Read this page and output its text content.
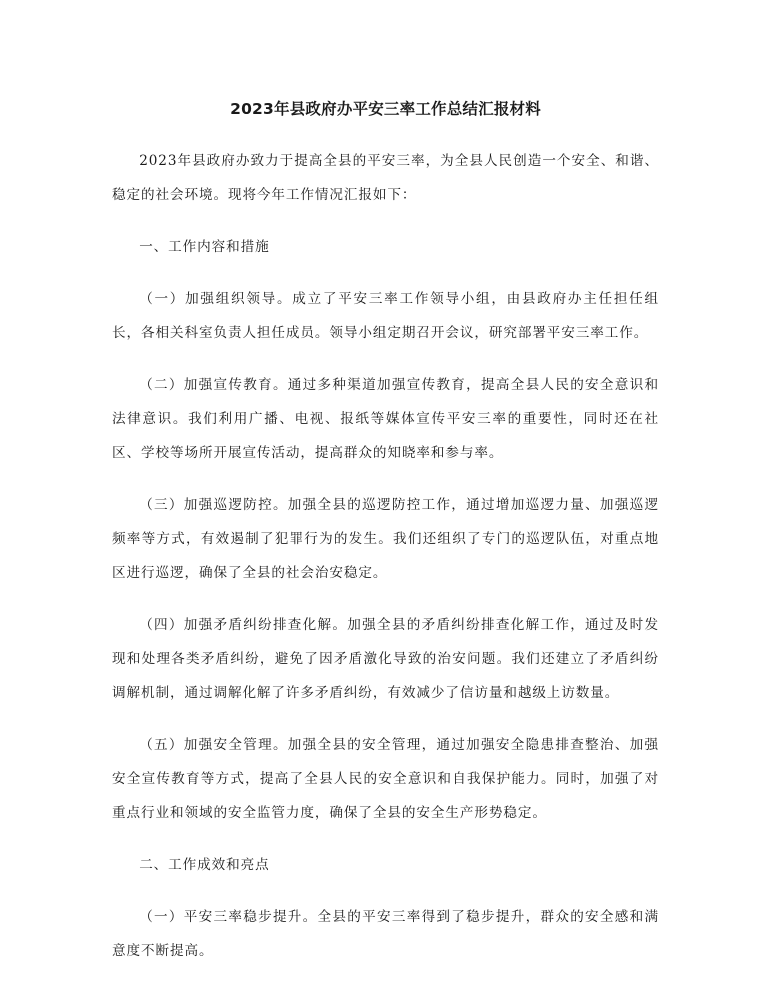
2023年县政府办平安三率工作总结汇报材料

2023年县政府办致力于提高全县的平安三率，为全县人民创造一个安全、和谐、稳定的社会环境。现将今年工作情况汇报如下：

一、工作内容和措施

（一）加强组织领导。成立了平安三率工作领导小组，由县政府办主任担任组长，各相关科室负责人担任成员。领导小组定期召开会议，研究部署平安三率工作。

（二）加强宣传教育。通过多种渠道加强宣传教育，提高全县人民的安全意识和法律意识。我们利用广播、电视、报纸等媒体宣传平安三率的重要性，同时还在社区、学校等场所开展宣传活动，提高群众的知晓率和参与率。

（三）加强巡逻防控。加强全县的巡逻防控工作，通过增加巡逻力量、加强巡逻频率等方式，有效遏制了犯罪行为的发生。我们还组织了专门的巡逻队伍，对重点地区进行巡逻，确保了全县的社会治安稳定。

（四）加强矛盾纠纷排查化解。加强全县的矛盾纠纷排查化解工作，通过及时发现和处理各类矛盾纠纷，避免了因矛盾激化导致的治安问题。我们还建立了矛盾纠纷调解机制，通过调解化解了许多矛盾纠纷，有效减少了信访量和越级上访数量。

（五）加强安全管理。加强全县的安全管理，通过加强安全隐患排查整治、加强安全宣传教育等方式，提高了全县人民的安全意识和自我保护能力。同时，加强了对重点行业和领域的安全监管力度，确保了全县的安全生产形势稳定。

二、工作成效和亮点

（一）平安三率稳步提升。全县的平安三率得到了稳步提升，群众的安全感和满意度不断提高。
